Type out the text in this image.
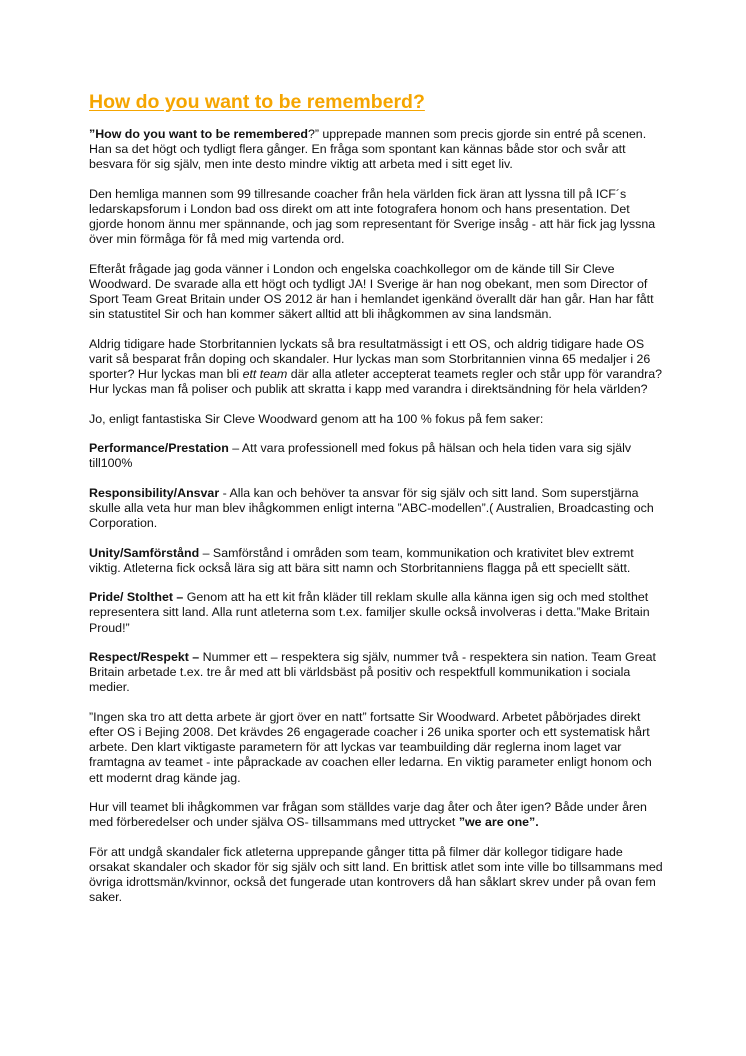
How do you want to be rememberd?

”How do you want to be remembered?” upprepade mannen som precis gjorde sin entré på scenen. Han sa det högt och tydligt flera gånger. En fråga som spontant kan kännas både stor och svår att besvara för sig själv, men inte desto mindre viktig att arbeta med i sitt eget liv.

Den hemliga mannen som 99 tillresande coacher från hela världen fick äran att lyssna till på ICF´s ledarskapsforum i London bad oss direkt om att inte fotografera honom och hans presentation. Det gjorde honom ännu mer spännande, och jag som representant för Sverige insåg - att här fick jag lyssna över min förmåga för få med mig vartenda ord.

Efteråt frågade jag goda vänner i London och engelska coachkollegor om de kände till Sir Cleve Woodward. De svarade alla ett högt och tydligt JA! I Sverige är han nog obekant, men som Director of Sport Team Great Britain under OS 2012 är han i hemlandet igenkänd överallt där han går. Han har fått sin statustitel Sir och han kommer säkert alltid att bli ihågkommen av sina landsmän.

Aldrig tidigare hade Storbritannien lyckats så bra resultatmässigt i ett OS, och aldrig tidigare hade OS varit så besparat från doping och skandaler. Hur lyckas man som Storbritannien vinna 65 medaljer i 26 sporter? Hur lyckas man bli ett team där alla atleter accepterat teamets regler och står upp för varandra? Hur lyckas man få poliser och publik att skratta i kapp med varandra i direktsändning för hela världen?

Jo, enligt fantastiska Sir Cleve Woodward genom att ha 100 % fokus på fem saker:

Performance/Prestation – Att vara professionell med fokus på hälsan och hela tiden vara sig själv till100%

Responsibility/Ansvar - Alla kan och behöver ta ansvar för sig själv och sitt land. Som superstjärna skulle alla veta hur man blev ihågkommen enligt interna ”ABC-modellen”.( Australien, Broadcasting och Corporation.

Unity/Samförstånd – Samförstånd i områden som team, kommunikation och krativitet blev extremt viktig. Atleterna fick också lära sig att bära sitt namn och Storbritanniens flagga på ett speciellt sätt.

Pride/ Stolthet – Genom att ha ett kit från kläder till reklam skulle alla känna igen sig och med stolthet representera sitt land. Alla runt atleterna som t.ex. familjer skulle också involveras i detta.”Make Britain Proud!”

Respect/Respekt – Nummer ett – respektera sig själv, nummer två - respektera sin nation. Team Great Britain arbetade t.ex. tre år med att bli världsbäst på positiv och respektfull kommunikation i sociala medier.

”Ingen ska tro att detta arbete är gjort över en natt” fortsatte Sir Woodward. Arbetet påbörjades direkt efter OS i Bejing 2008. Det krävdes 26 engagerade coacher i 26 unika sporter och ett systematisk hårt arbete. Den klart viktigaste parametern för att lyckas var teambuilding där reglerna inom laget var framtagna av teamet - inte påprackade av coachen eller ledarna. En viktig parameter enligt honom och ett modernt drag kände jag.

Hur vill teamet bli ihågkommen var frågan som ställdes varje dag åter och åter igen? Både under åren med förberedelser och under själva OS- tillsammans med uttrycket ”we are one”.

För att undgå skandaler fick atleterna upprepande gånger titta på filmer där kollegor tidigare hade orsakat skandaler och skador för sig själv och sitt land. En brittisk atlet som inte ville bo tillsammans med övriga idrottsmän/kvinnor, också det fungerade utan kontrovers då han såklart skrev under på ovan fem saker.
